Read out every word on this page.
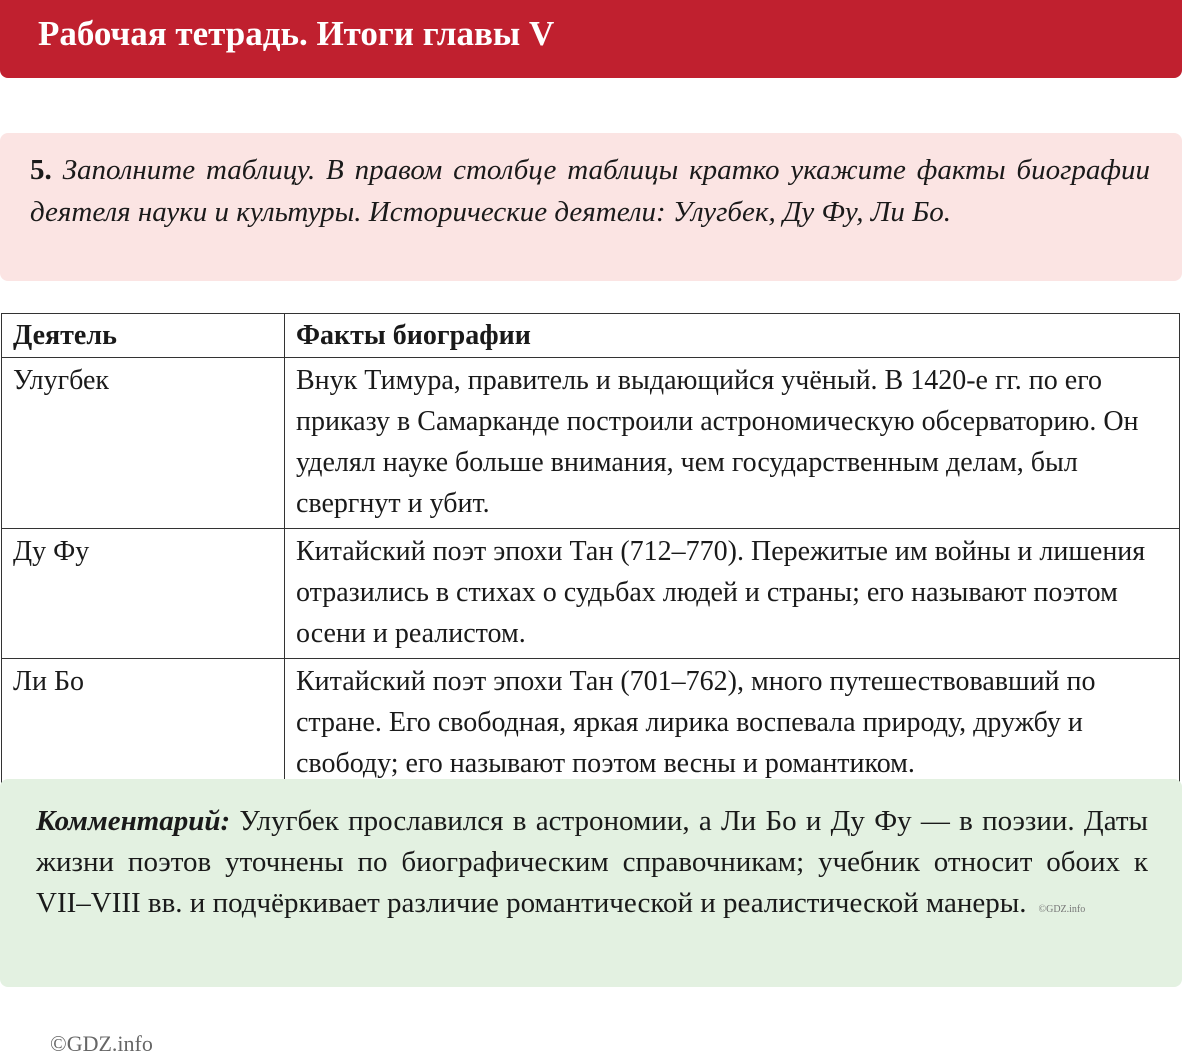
Рабочая тетрадь. Итоги главы V
5. Заполните таблицу. В правом столбце таблицы кратко укажите факты биографии деятеля науки и культуры. Исторические деятели: Улугбек, Ду Фу, Ли Бо.
Деятель	Факты биографии
Улугбек	Внук Тимура, правитель и выдающийся учёный. В 1420-е гг. по его приказу в Самарканде построили астрономическую обсерваторию. Он уделял науке больше внимания, чем государственным делам, был свергнут и убит.
Ду Фу	Китайский поэт эпохи Тан (712–770). Пережитые им войны и лишения отразились в стихах о судьбах людей и страны; его называют поэтом осени и реалистом.
Ли Бо	Китайский поэт эпохи Тан (701–762), много путешествовавший по стране. Его свободная, яркая лирика воспевала природу, дружбу и свободу; его называют поэтом весны и романтиком.
Комментарий: Улугбек прославился в астрономии, а Ли Бо и Ду Фу — в поэзии. Даты жизни поэтов уточнены по биографическим справочникам; учебник относит обоих к VII–VIII вв. и подчёркивает различие романтической и реалистической манеры. ©GDZ.info
©GDZ.info
